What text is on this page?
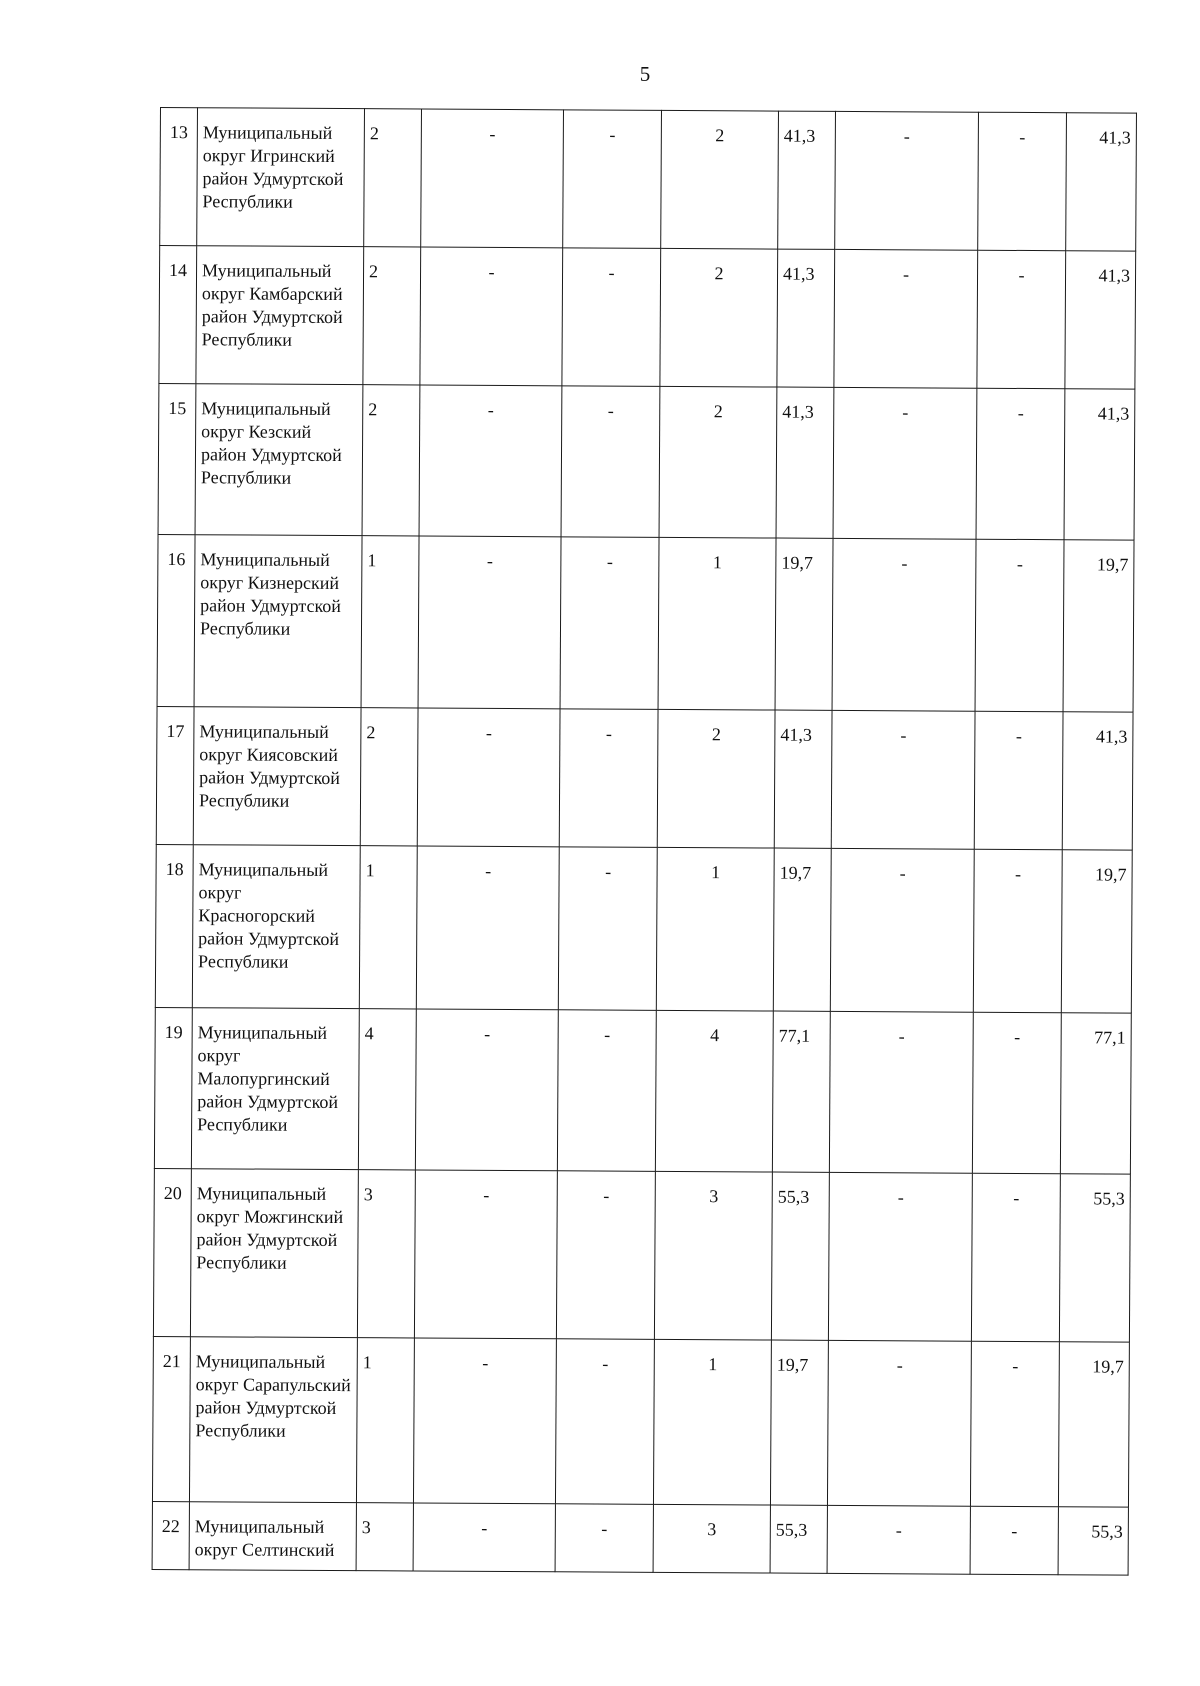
5
13	Муниципальный округ Игринский район Удмуртской Республики	2	-	-	2	41,3	-	-	41,3
14	Муниципальный округ Камбарский район Удмуртской Республики	2	-	-	2	41,3	-	-	41,3
15	Муниципальный округ Кезский район Удмуртской Республики	2	-	-	2	41,3	-	-	41,3
16	Муниципальный округ Кизнерский район Удмуртской Республики	1	-	-	1	19,7	-	-	19,7
17	Муниципальный округ Киясовский район Удмуртской Республики	2	-	-	2	41,3	-	-	41,3
18	Муниципальный округ Красногорский район Удмуртской Республики	1	-	-	1	19,7	-	-	19,7
19	Муниципальный округ Малопургинский район Удмуртской Республики	4	-	-	4	77,1	-	-	77,1
20	Муниципальный округ Можгинский район Удмуртской Республики	3	-	-	3	55,3	-	-	55,3
21	Муниципальный округ Сарапульский район Удмуртской Республики	1	-	-	1	19,7	-	-	19,7
22	Муниципальный округ Селтинский	3	-	-	3	55,3	-	-	55,3
